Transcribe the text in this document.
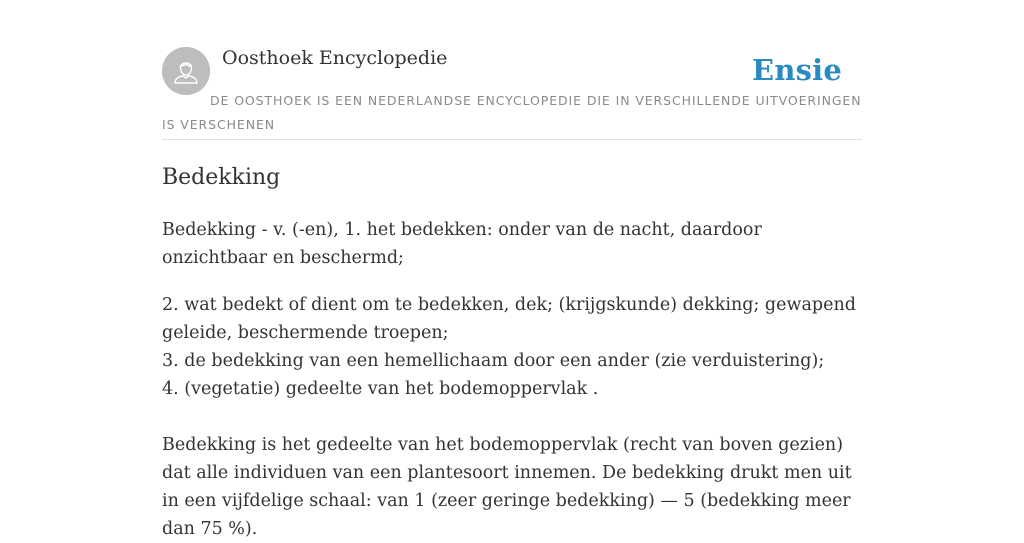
Oosthoek Encyclopedie	Ensie
DE OOSTHOEK IS EEN NEDERLANDSE ENCYCLOPEDIE DIE IN VERSCHILLENDE UITVOERINGEN IS VERSCHENEN
Bedekking

Bedekking - v. (-en), 1. het bedekken: onder van de nacht, daardoor onzichtbaar en beschermd;

2. wat bedekt of dient om te bedekken, dek; (krijgskunde) dekking; gewapend geleide, beschermende troepen;

3. de bedekking van een hemellichaam door een ander (zie verduistering);

4. (vegetatie) gedeelte van het bodemoppervlak .

Bedekking is het gedeelte van het bodemoppervlak (recht van boven gezien) dat alle individuen van een plantesoort innemen. De bedekking drukt men uit in een vijfdelige schaal: van 1 (zeer geringe bedekking) — 5 (bedekking meer dan 75 %).
